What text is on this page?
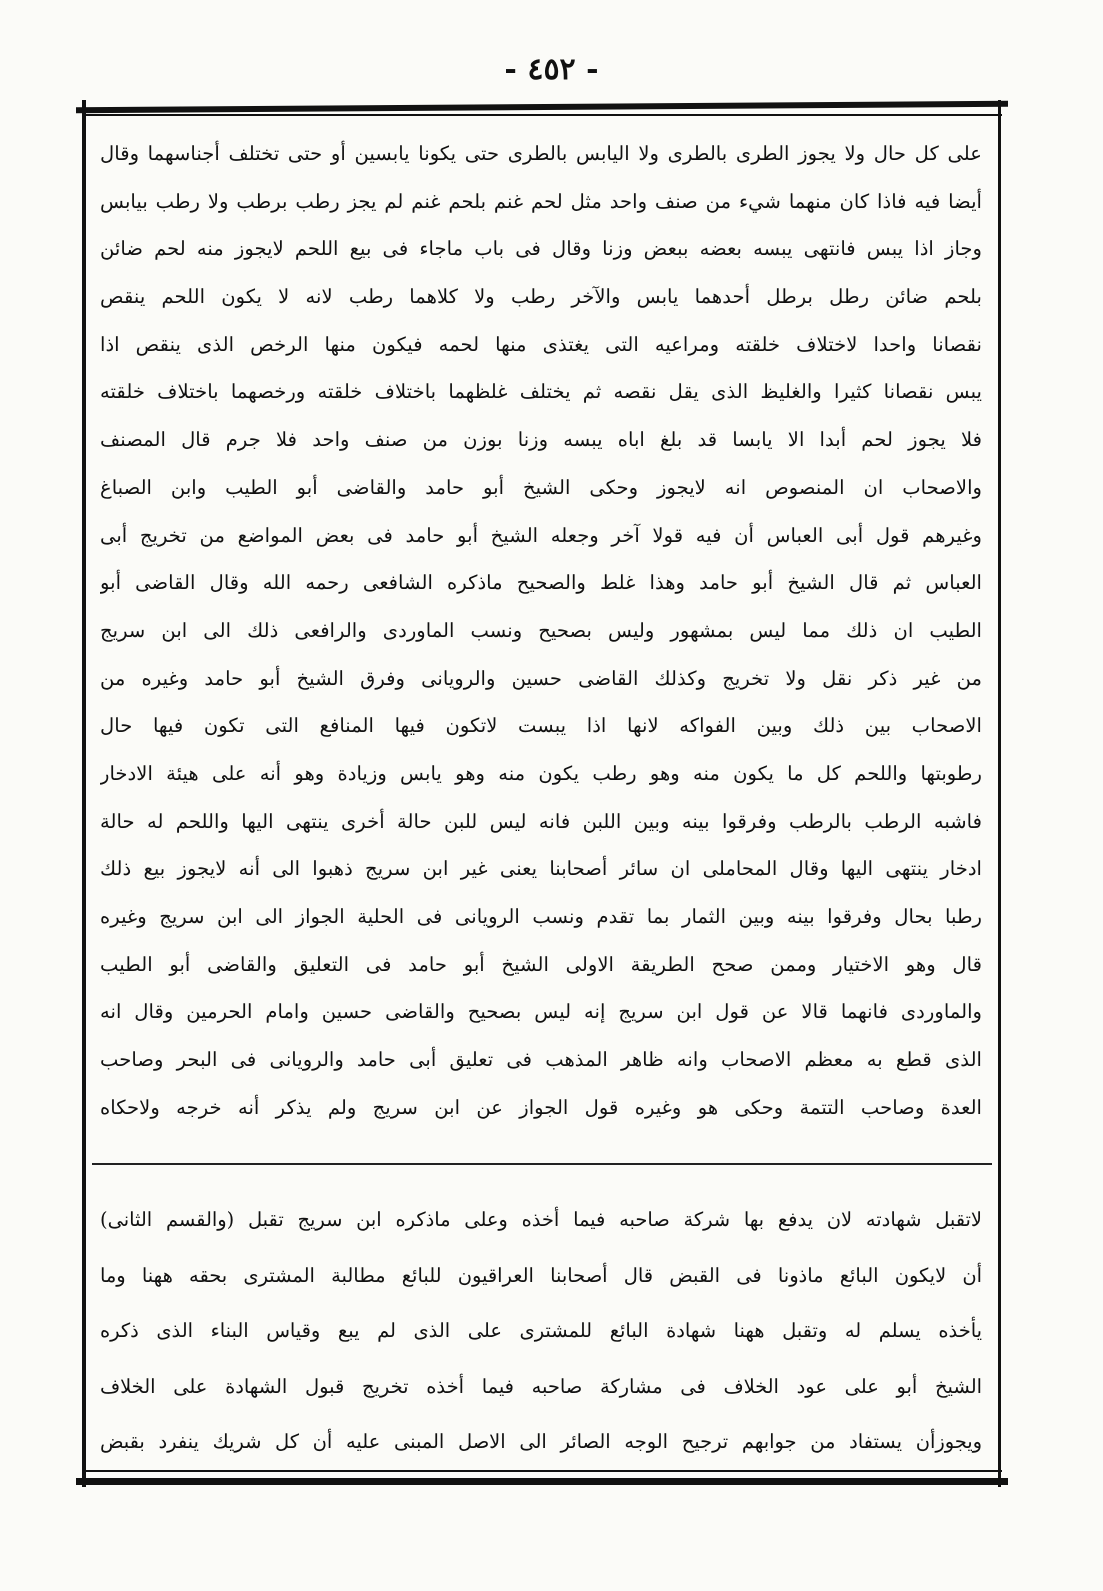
- ٤٥٢ -
على كل حال ولا يجوز الطرى بالطرى ولا اليابس بالطرى حتى يكونا يابسين أو حتى تختلف أجناسهما وقال
أيضا فيه فاذا كان منهما شيء من صنف واحد مثل لحم غنم بلحم غنم لم يجز رطب برطب ولا رطب بيابس
وجاز اذا يبس فانتهى يبسه بعضه ببعض وزنا وقال فى باب ماجاء فى بيع اللحم لايجوز منه لحم ضائن
بلحم ضائن رطل برطل أحدهما يابس والآخر رطب ولا كلاهما رطب لانه لا يكون اللحم ينقص
نقصانا واحدا لاختلاف خلقته ومراعيه التى يغتذى منها لحمه فيكون منها الرخص الذى ينقص اذا
يبس نقصانا كثيرا والغليظ الذى يقل نقصه ثم يختلف غلظهما باختلاف خلقته ورخصهما باختلاف خلقته
فلا يجوز لحم أبدا الا يابسا قد بلغ اباه يبسه وزنا بوزن من صنف واحد فلا جرم قال المصنف
والاصحاب ان المنصوص انه لايجوز وحكى الشيخ أبو حامد والقاضى أبو الطيب وابن الصباغ
وغيرهم قول أبى العباس أن فيه قولا آخر وجعله الشيخ أبو حامد فى بعض المواضع من تخريج أبى
العباس ثم قال الشيخ أبو حامد وهذا غلط والصحيح ماذكره الشافعى رحمه الله وقال القاضى أبو
الطيب ان ذلك مما ليس بمشهور وليس بصحيح ونسب الماوردى والرافعى ذلك الى ابن سريج
من غير ذكر نقل ولا تخريج وكذلك القاضى حسين والرويانى وفرق الشيخ أبو حامد وغيره من
الاصحاب بين ذلك وبين الفواكه لانها اذا يبست لاتكون فيها المنافع التى تكون فيها حال
رطوبتها واللحم كل ما يكون منه وهو رطب يكون منه وهو يابس وزيادة وهو أنه على هيئة الادخار
فاشبه الرطب بالرطب وفرقوا بينه وبين اللبن فانه ليس للبن حالة أخرى ينتهى اليها واللحم له حالة
ادخار ينتهى اليها وقال المحاملى ان سائر أصحابنا يعنى غير ابن سريج ذهبوا الى أنه لايجوز بيع ذلك
رطبا بحال وفرقوا بينه وبين الثمار بما تقدم ونسب الرويانى فى الحلية الجواز الى ابن سريج وغيره
قال وهو الاختيار وممن صحح الطريقة الاولى الشيخ أبو حامد فى التعليق والقاضى أبو الطيب
والماوردى فانهما قالا عن قول ابن سريج إنه ليس بصحيح والقاضى حسين وامام الحرمين وقال انه
الذى قطع به معظم الاصحاب وانه ظاهر المذهب فى تعليق أبى حامد والرويانى فى البحر وصاحب
العدة وصاحب التتمة وحكى هو وغيره قول الجواز عن ابن سريج ولم يذكر أنه خرجه ولاحكاه
لاتقبل شهادته لان يدفع بها شركة صاحبه فيما أخذه وعلى ماذكره ابن سريج تقبل (والقسم الثانى)
أن لايكون البائع ماذونا فى القبض قال أصحابنا العراقيون للبائع مطالبة المشترى بحقه ههنا وما
يأخذه يسلم له وتقبل ههنا شهادة البائع للمشترى على الذى لم يبع وقياس البناء الذى ذكره
الشيخ أبو على عود الخلاف فى مشاركة صاحبه فيما أخذه تخريج قبول الشهادة على الخلاف
ويجوزأن يستفاد من جوابهم ترجيح الوجه الصائر الى الاصل المبنى عليه أن كل شريك ينفرد بقبض
